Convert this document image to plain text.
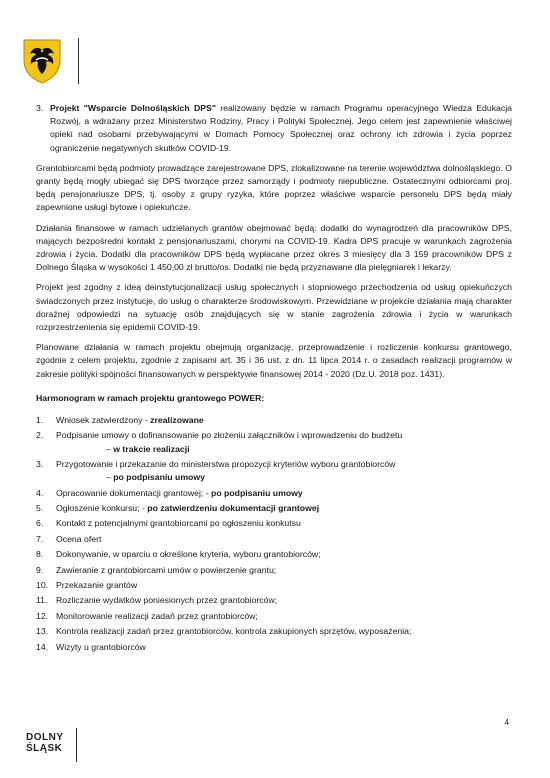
3. Projekt "Wsparcie Dolnośląskich DPS" realizowany będzie w ramach Programu operacyjnego Wiedza Edukacja Rozwój, a wdrażany przez Ministerstwo Rodziny, Pracy i Polityki Społecznej. Jego celem jest zapewnienie właściwej opieki nad osobami przebywającymi w Domach Pomocy Społecznej oraz ochrony ich zdrowia i życia poprzez ograniczenie negatywnych skutków COVID-19.

Grantobiorcami będą podmioty prowadzące zarejestrowane DPS, zlokalizowane na terenie województwa dolnośląskiego. O granty będą mogły ubiegać się DPS tworzące przez samorządy i podmioty niepubliczne. Ostatecznymi odbiorcami proj. będą pensjonariusze DPS, tj. osoby z grupy ryzyka, które poprzez właściwe wsparcie personelu DPS będą miały zapewnione usługi bytowe i opiekuńcze.

Działania finansowe w ramach udzielanych grantów obejmować będą: dodatki do wynagrodzeń dla pracowników DPS, mających bezpośredni kontakt z pensjonariuszami, chorymi na COVID-19. Kadra DPS pracuje w warunkach zagrożenia zdrowia i życia. Dodatki dla pracowników DPS będą wypłacane przez okres 3 miesięcy dla 3 159 pracowników DPS z Dolnego Śląska w wysokości 1 450,00 zł brutto/os. Dodatki nie będą przyznawane dla pielęgniarek i lekarzy.

Projekt jest zgodny z ideą deinstytucjonalizacji usług społecznych i stopniowego przechodzenia od usług opiekuńczych świadczonych przez instytucje, do usług o charakterze środowiskowym. Przewidziane w projekcie działania mają charakter doraźnej odpowiedzi na sytuację osób znajdujących się w stanie zagrożenia zdrowia i życia w warunkach rozprzestrzenienia się epidemii COVID-19.

Planowane działania w ramach projektu obejmują organizację, przeprowadzenie i rozliczenie konkursu grantowego, zgodnie z celem projektu, zgodnie z zapisami art. 35 i 36 ust. z dn. 11 lipca 2014 r. o zasadach realizacji programów w zakresie polityki spójności finansowanych w perspektywie finansowej 2014 - 2020 (Dz.U. 2018 poz. 1431).

Harmonogram w ramach projektu grantowego POWER:
1.	Wniosek zatwierdzony - zrealizowane
2.	Podpisanie umowy o dofinansowanie po złożeniu załączników i wprowadzeniu do budżetu
– w trakcie realizacji
3.	Przygotowanie i przekazanie do ministerstwa propozycji kryteriów wyboru grantobiorców
– po podpisaniu umowy
4.	Opracowanie dokumentacji grantowej; - po podpisaniu umowy
5.	Ogłoszenie konkursu; - po zatwierdzeniu dokumentacji grantowej
6.	Kontakt z potencjalnymi grantobiorcami po ogłoszeniu konkutsu
7.	Ocena ofert
8.	Dokonywanie, w oparciu o określone kryteria, wyboru grantobiorców;
9.	Zawieranie z grantobiorcami umów o powierzenie grantu;
10. Przekazanie grantów
11. Rozliczanie wydatków poniesionych przez grantobiorców;
12. Monitorowanie realizacji zadań przez grantobiorców;
13. Kontrola realizacji zadań przez grantobiorców, kontrola zakupionych sprzętów, wyposażenia;
14. Wizyty u grantobiorców
4
DOLNY
ŚLĄSK
